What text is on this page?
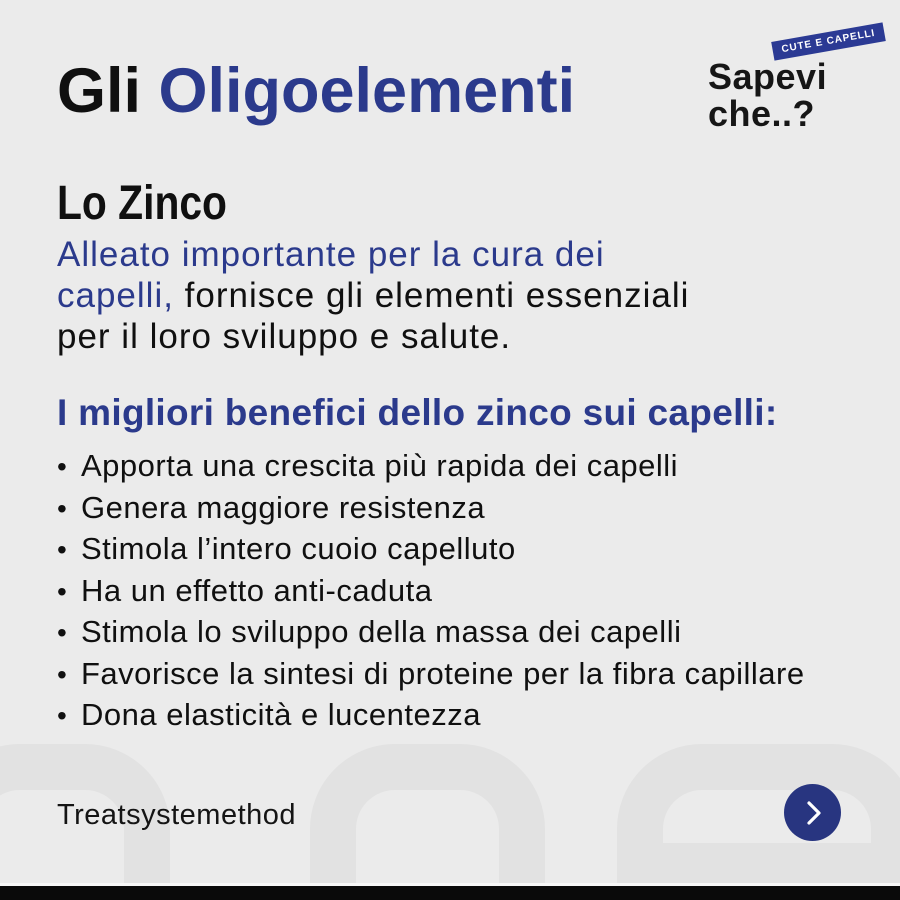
Gli Oligoelementi
CUTE E CAPELLI
Sapevi
che..?
Lo Zinco
Alleato importante per la cura dei
capelli, fornisce gli elementi essenziali
per il loro sviluppo e salute.
I migliori benefici dello zinco sui capelli:
•Apporta una crescita più rapida dei capelli
•Genera maggiore resistenza
•Stimola l’intero cuoio capelluto
•Ha un effetto anti-caduta
•Stimola lo sviluppo della massa dei capelli
•Favorisce la sintesi di proteine per la fibra capillare
•Dona elasticità e lucentezza
Treatsystemethod
